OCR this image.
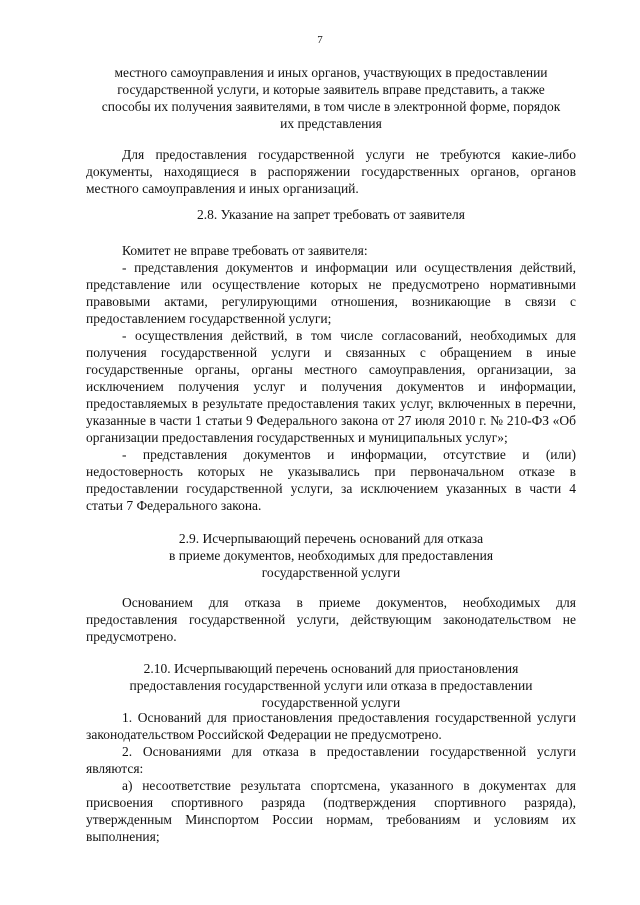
7

местного самоуправления и иных органов, участвующих в предоставлении

государственной услуги, и которые заявитель вправе представить, а также

способы их получения заявителями, в том числе в электронной форме, порядок

их представления

Для предоставления государственной услуги не требуются какие-либо документы, находящиеся в распоряжении государственных органов, органов местного самоуправления и иных организаций.
2.8. Указание на запрет требовать от заявителя

Комитет не вправе требовать от заявителя:

- представления документов и информации или осуществления действий, представление или осуществление которых не предусмотрено нормативными правовыми актами, регулирующими отношения, возникающие в связи с предоставлением государственной услуги;

- осуществления действий, в том числе согласований, необходимых для получения государственной услуги и связанных с обращением в иные государственные органы, органы местного самоуправления, организации, за исключением получения услуг и получения документов и информации, предоставляемых в результате предоставления таких услуг, включенных в перечни, указанные в части 1 статьи 9 Федерального закона от 27 июля 2010 г. № 210-ФЗ «Об организации предоставления государственных и муниципальных услуг»;

- представления документов и информации, отсутствие и (или) недостоверность которых не указывались при первоначальном отказе в предоставлении государственной услуги, за исключением указанных в части 4 статьи 7 Федерального закона.

2.9. Исчерпывающий перечень оснований для отказа

в приеме документов, необходимых для предоставления

государственной услуги

Основанием для отказа в приеме документов, необходимых для предоставления государственной услуги, действующим законодательством не предусмотрено.

2.10. Исчерпывающий перечень оснований для приостановления

предоставления государственной услуги или отказа в предоставлении

государственной услуги

1. Оснований для приостановления предоставления государственной услуги законодательством Российской Федерации не предусмотрено.

2. Основаниями для отказа в предоставлении государственной услуги являются:

а) несоответствие результата спортсмена, указанного в документах для присвоения спортивного разряда (подтверждения спортивного разряда), утвержденным Минспортом России нормам, требованиям и условиям их выполнения;
